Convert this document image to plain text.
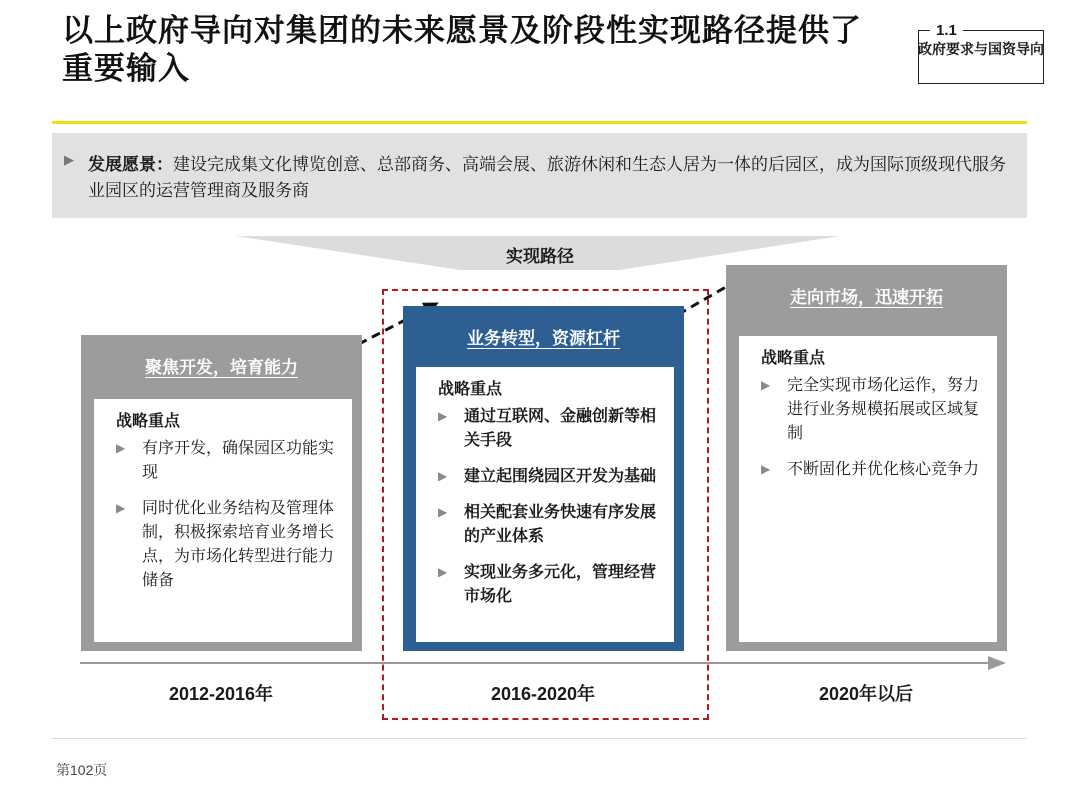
以上政府导向对集团的未来愿景及阶段性实现路径提供了重要输入
1.1
政府要求与国资导向
▶ 发展愿景：建设完成集文化博览创意、总部商务、高端会展、旅游休闲和生态人居为一体的后园区，成为国际顶级现代服务业园区的运营管理商及服务商
实现路径
聚焦开发，培育能力
战略重点
▶ 有序开发，确保园区功能实现
▶ 同时优化业务结构及管理体制，积极探索培育业务增长点，为市场化转型进行能力储备
业务转型，资源杠杆
战略重点
▶ 通过互联网、金融创新等相关手段
▶ 建立起围绕园区开发为基础
▶ 相关配套业务快速有序发展的产业体系
▶ 实现业务多元化，管理经营市场化
走向市场，迅速开拓
战略重点
▶ 完全实现市场化运作，努力进行业务规模拓展或区域复制
▶ 不断固化并优化核心竞争力
2012-2016年	2016-2020年	2020年以后
第102页
